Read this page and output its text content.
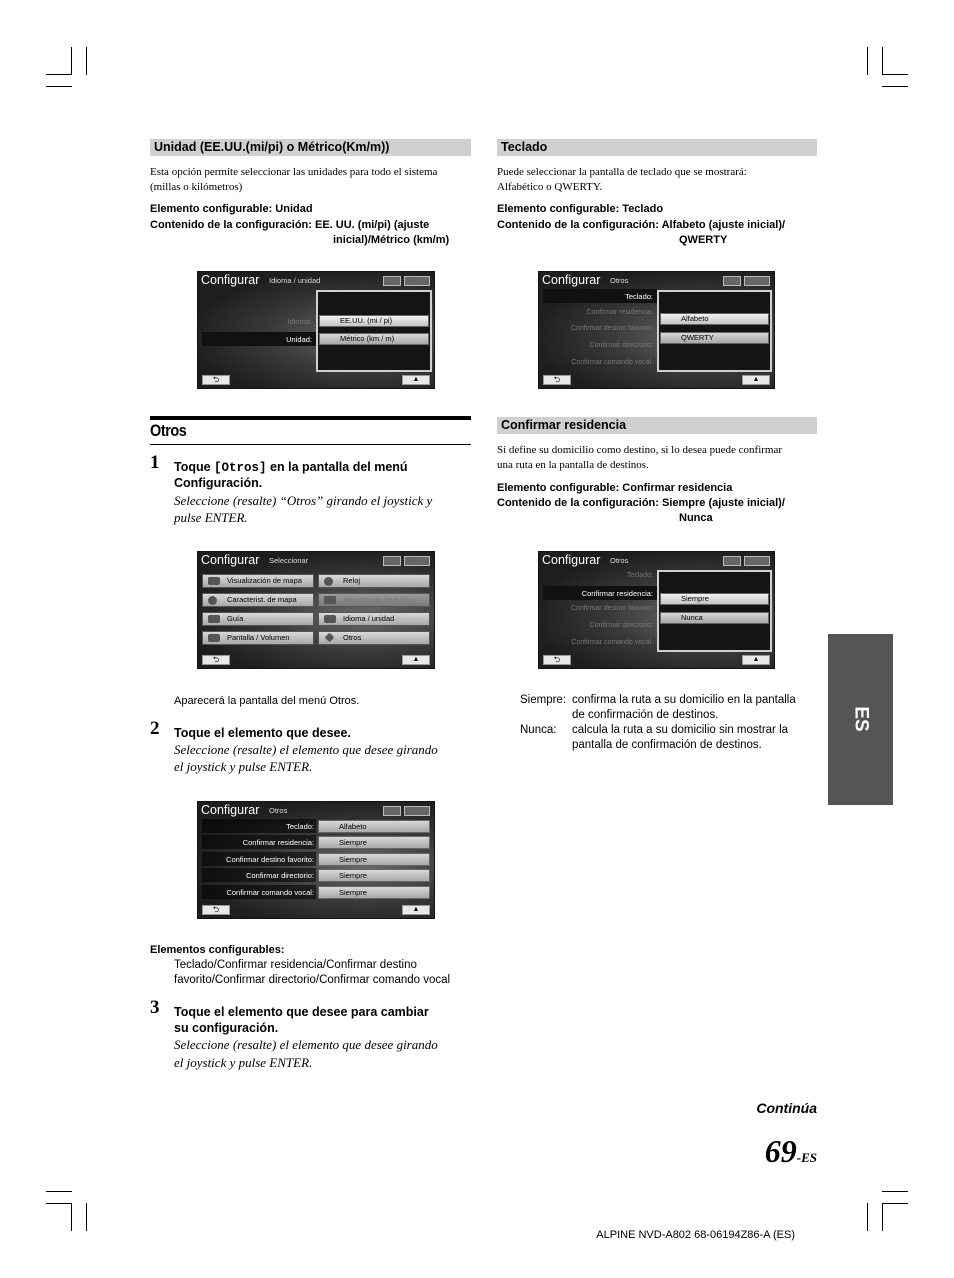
Unidad (EE.UU.(mi/pi) o Métrico(Km/m))
Esta opción permite seleccionar las unidades para todo el sistema
(millas o kilómetros)
Elemento configurable: Unidad
Contenido de la configuración: EE. UU. (mi/pi) (ajuste
inicial)/Métrico (km/m)
Configurar Idioma / unidad
Idioma:
Unidad:
EE.UU. (mi / pi)
Métrico (km / m)
⮌	▲
Otros
1 Toque [Otros] en la pantalla del menú
Configuración.
Seleccione (resalte) “Otros” girando el joystick y
pulse ENTER.
Configurar Seleccionar
Visualización de mapa	Reloj
Caracterist. de mapa	Información de tráfico
Guía	Idioma / unidad
Pantalla / Volumen	Otros
⮌	▲
Aparecerá la pantalla del menú Otros.
2 Toque el elemento que desee.
Seleccione (resalte) el elemento que desee girando
el joystick y pulse ENTER.
Configurar Otros
Teclado:	Alfabeto
Confirmar residencia:	Siempre
Confirmar destino favorito:	Siempre
Confirmar directorio:	Siempre
Confirmar comando vocal:	Siempre
⮌	▲
Elementos configurables:
Teclado/Confirmar residencia/Confirmar destino
favorito/Confirmar directorio/Confirmar comando vocal
3 Toque el elemento que desee para cambiar
su configuración.
Seleccione (resalte) el elemento que desee girando
el joystick y pulse ENTER.
Teclado
Puede seleccionar la pantalla de teclado que se mostrará:
Alfabético o QWERTY.
Elemento configurable: Teclado
Contenido de la configuración: Alfabeto (ajuste inicial)/
QWERTY
Configurar Otros
Teclado:
Confirmar residencia:
Confirmar destino favorito:
Confirmar directorio:
Confirmar comando vocal:
Alfabeto
QWERTY
⮌	▲
Confirmar residencia
Si define su domicilio como destino, si lo desea puede confirmar
una ruta en la pantalla de destinos.
Elemento configurable: Confirmar residencia
Contenido de la configuración: Siempre (ajuste inicial)/
Nunca
Configurar Otros
Teclado:
Confirmar residencia:
Confirmar destino favorito:
Confirmar directorio:
Confirmar comando vocal:
Siempre
Nunca
⮌	▲
Siempre: confirma la ruta a su domicilio en la pantalla
de confirmación de destinos.
Nunca: calcula la ruta a su domicilio sin mostrar la
pantalla de confirmación de destinos.
ES
Continúa
69-ES
ALPINE NVD-A802 68-06194Z86-A (ES)
